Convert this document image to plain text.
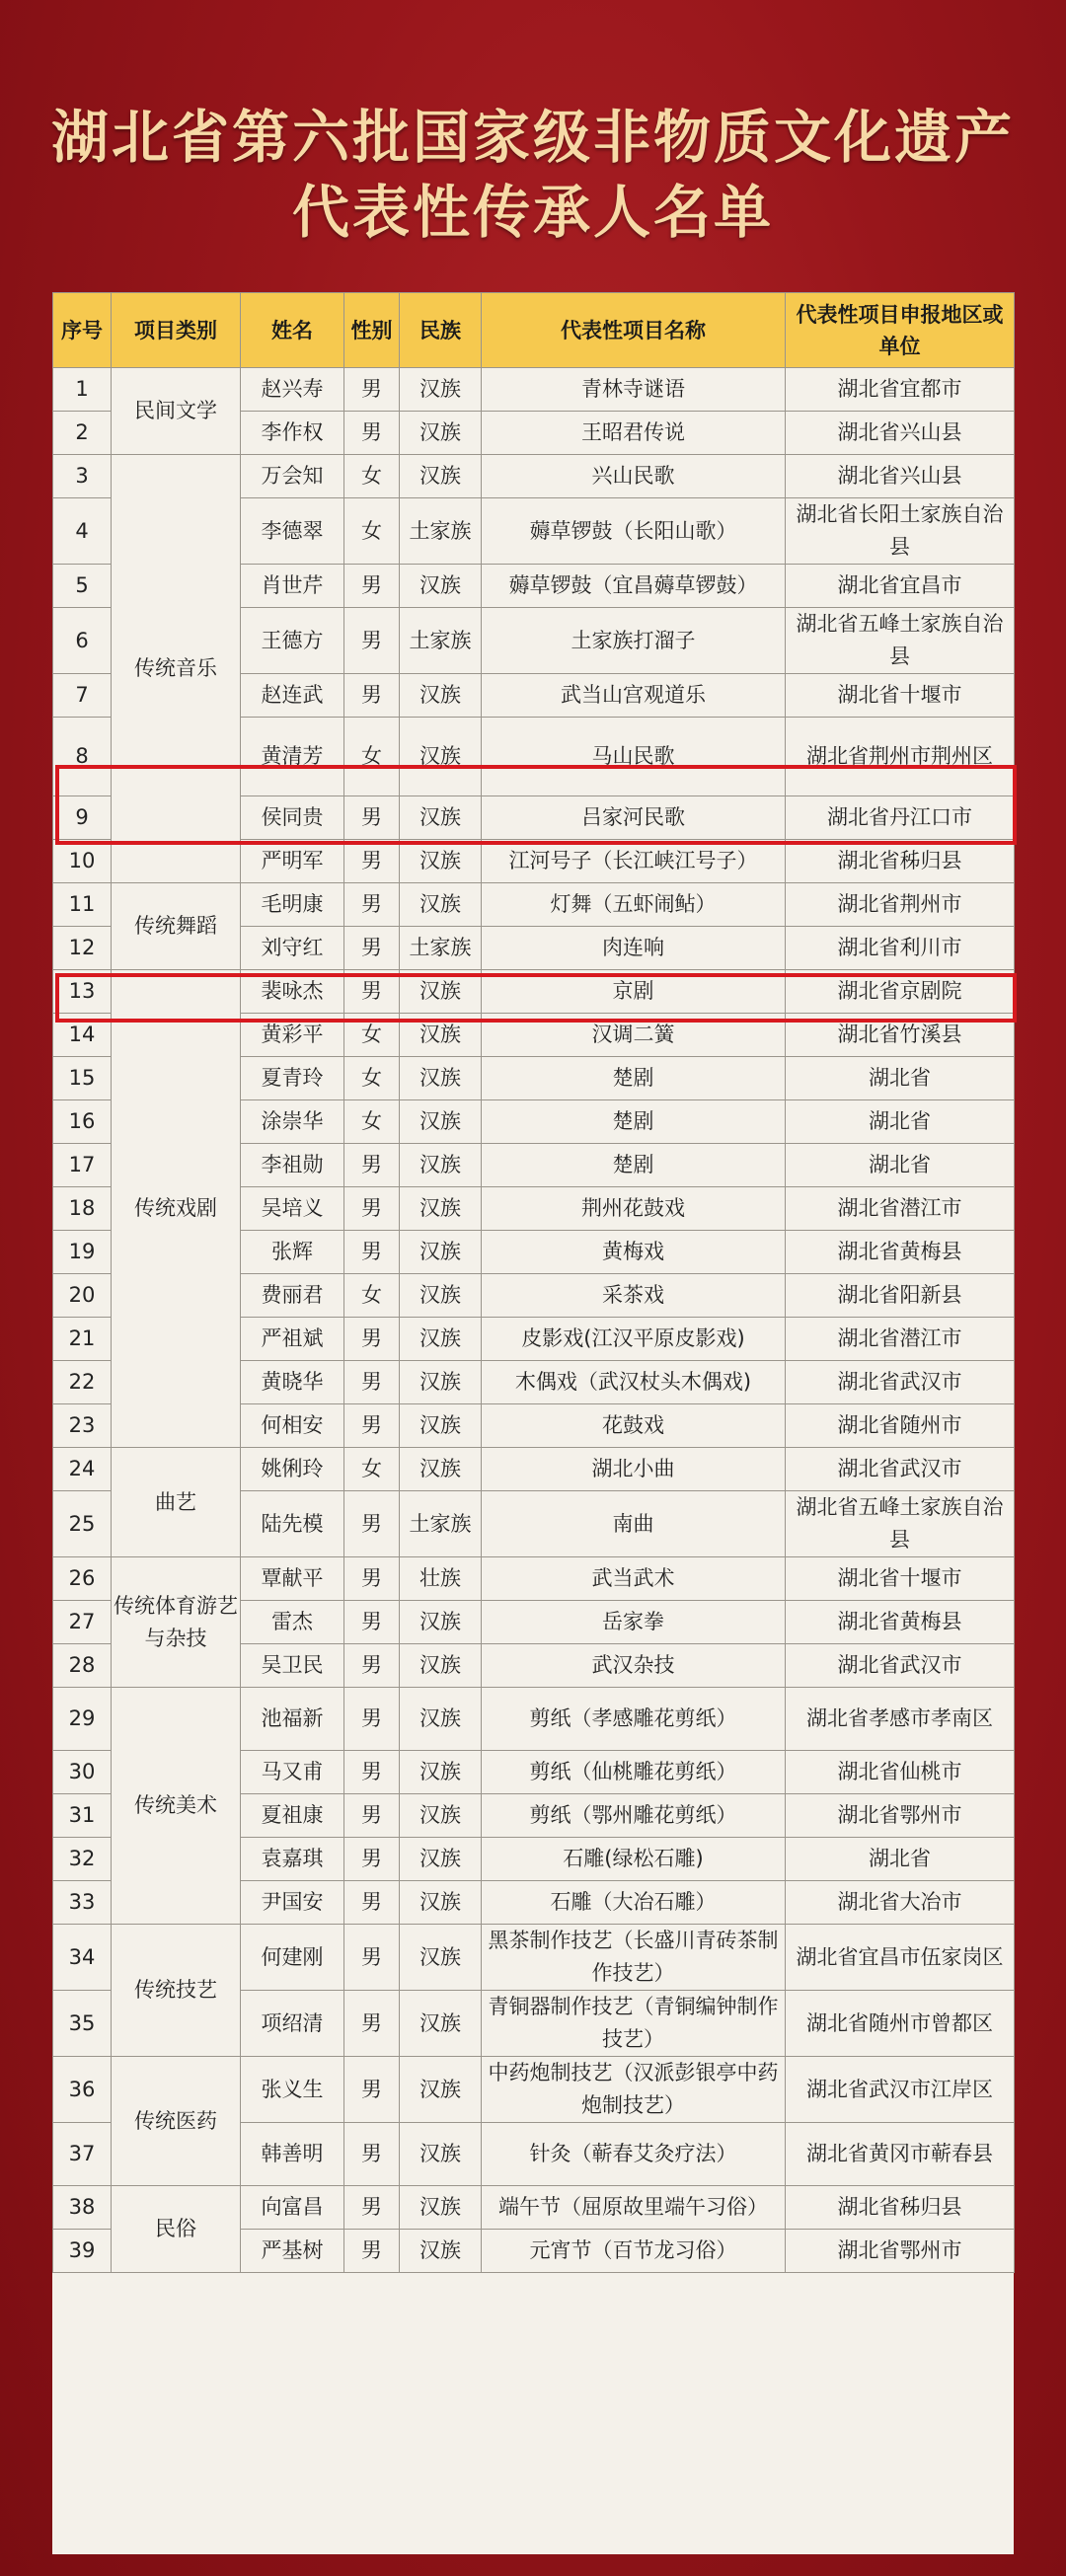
湖北省第六批国家级非物质文化遗产
代表性传承人名单
序号	项目类别	姓名	性别	民族	代表性项目名称	代表性项目申报地区或单位
1	民间文学	赵兴寿	男	汉族	青林寺谜语	湖北省宜都市
2		李作权	男	汉族	王昭君传说	湖北省兴山县
3	传统音乐	万会知	女	汉族	兴山民歌	湖北省兴山县
4		李德翠	女	土家族	薅草锣鼓（长阳山歌）	湖北省长阳土家族自治县
5		肖世芹	男	汉族	薅草锣鼓（宜昌薅草锣鼓）	湖北省宜昌市
6		王德方	男	土家族	土家族打溜子	湖北省五峰土家族自治县
7		赵连武	男	汉族	武当山宫观道乐	湖北省十堰市
8		黄清芳	女	汉族	马山民歌	湖北省荆州市荆州区
9		侯同贵	男	汉族	吕家河民歌	湖北省丹江口市
10		严明军	男	汉族	江河号子（长江峡江号子）	湖北省秭归县
11	传统舞蹈	毛明康	男	汉族	灯舞（五虾闹鲇）	湖北省荆州市
12		刘守红	男	土家族	肉连响	湖北省利川市
13	传统戏剧	裴咏杰	男	汉族	京剧	湖北省京剧院
14		黄彩平	女	汉族	汉调二簧	湖北省竹溪县
15		夏青玲	女	汉族	楚剧	湖北省
16		涂崇华	女	汉族	楚剧	湖北省
17		李祖勋	男	汉族	楚剧	湖北省
18		吴培义	男	汉族	荆州花鼓戏	湖北省潜江市
19		张辉	男	汉族	黄梅戏	湖北省黄梅县
20		费丽君	女	汉族	采茶戏	湖北省阳新县
21		严祖斌	男	汉族	皮影戏(江汉平原皮影戏)	湖北省潜江市
22		黄晓华	男	汉族	木偶戏（武汉杖头木偶戏)	湖北省武汉市
23		何相安	男	汉族	花鼓戏	湖北省随州市
24	曲艺	姚俐玲	女	汉族	湖北小曲	湖北省武汉市
25		陆先模	男	土家族	南曲	湖北省五峰土家族自治县
26	传统体育游艺与杂技	覃献平	男	壮族	武当武术	湖北省十堰市
27		雷杰	男	汉族	岳家拳	湖北省黄梅县
28		吴卫民	男	汉族	武汉杂技	湖北省武汉市
29	传统美术	池福新	男	汉族	剪纸（孝感雕花剪纸）	湖北省孝感市孝南区
30		马又甫	男	汉族	剪纸（仙桃雕花剪纸）	湖北省仙桃市
31		夏祖康	男	汉族	剪纸（鄂州雕花剪纸）	湖北省鄂州市
32		袁嘉琪	男	汉族	石雕(绿松石雕)	湖北省
33		尹国安	男	汉族	石雕（大冶石雕）	湖北省大冶市
34	传统技艺	何建刚	男	汉族	黑茶制作技艺（长盛川青砖茶制作技艺）	湖北省宜昌市伍家岗区
35		项绍清	男	汉族	青铜器制作技艺（青铜编钟制作技艺）	湖北省随州市曾都区
36	传统医药	张义生	男	汉族	中药炮制技艺（汉派彭银亭中药炮制技艺）	湖北省武汉市江岸区
37		韩善明	男	汉族	针灸（蕲春艾灸疗法）	湖北省黄冈市蕲春县
38	民俗	向富昌	男	汉族	端午节（屈原故里端午习俗）	湖北省秭归县
39		严基树	男	汉族	元宵节（百节龙习俗）	湖北省鄂州市
